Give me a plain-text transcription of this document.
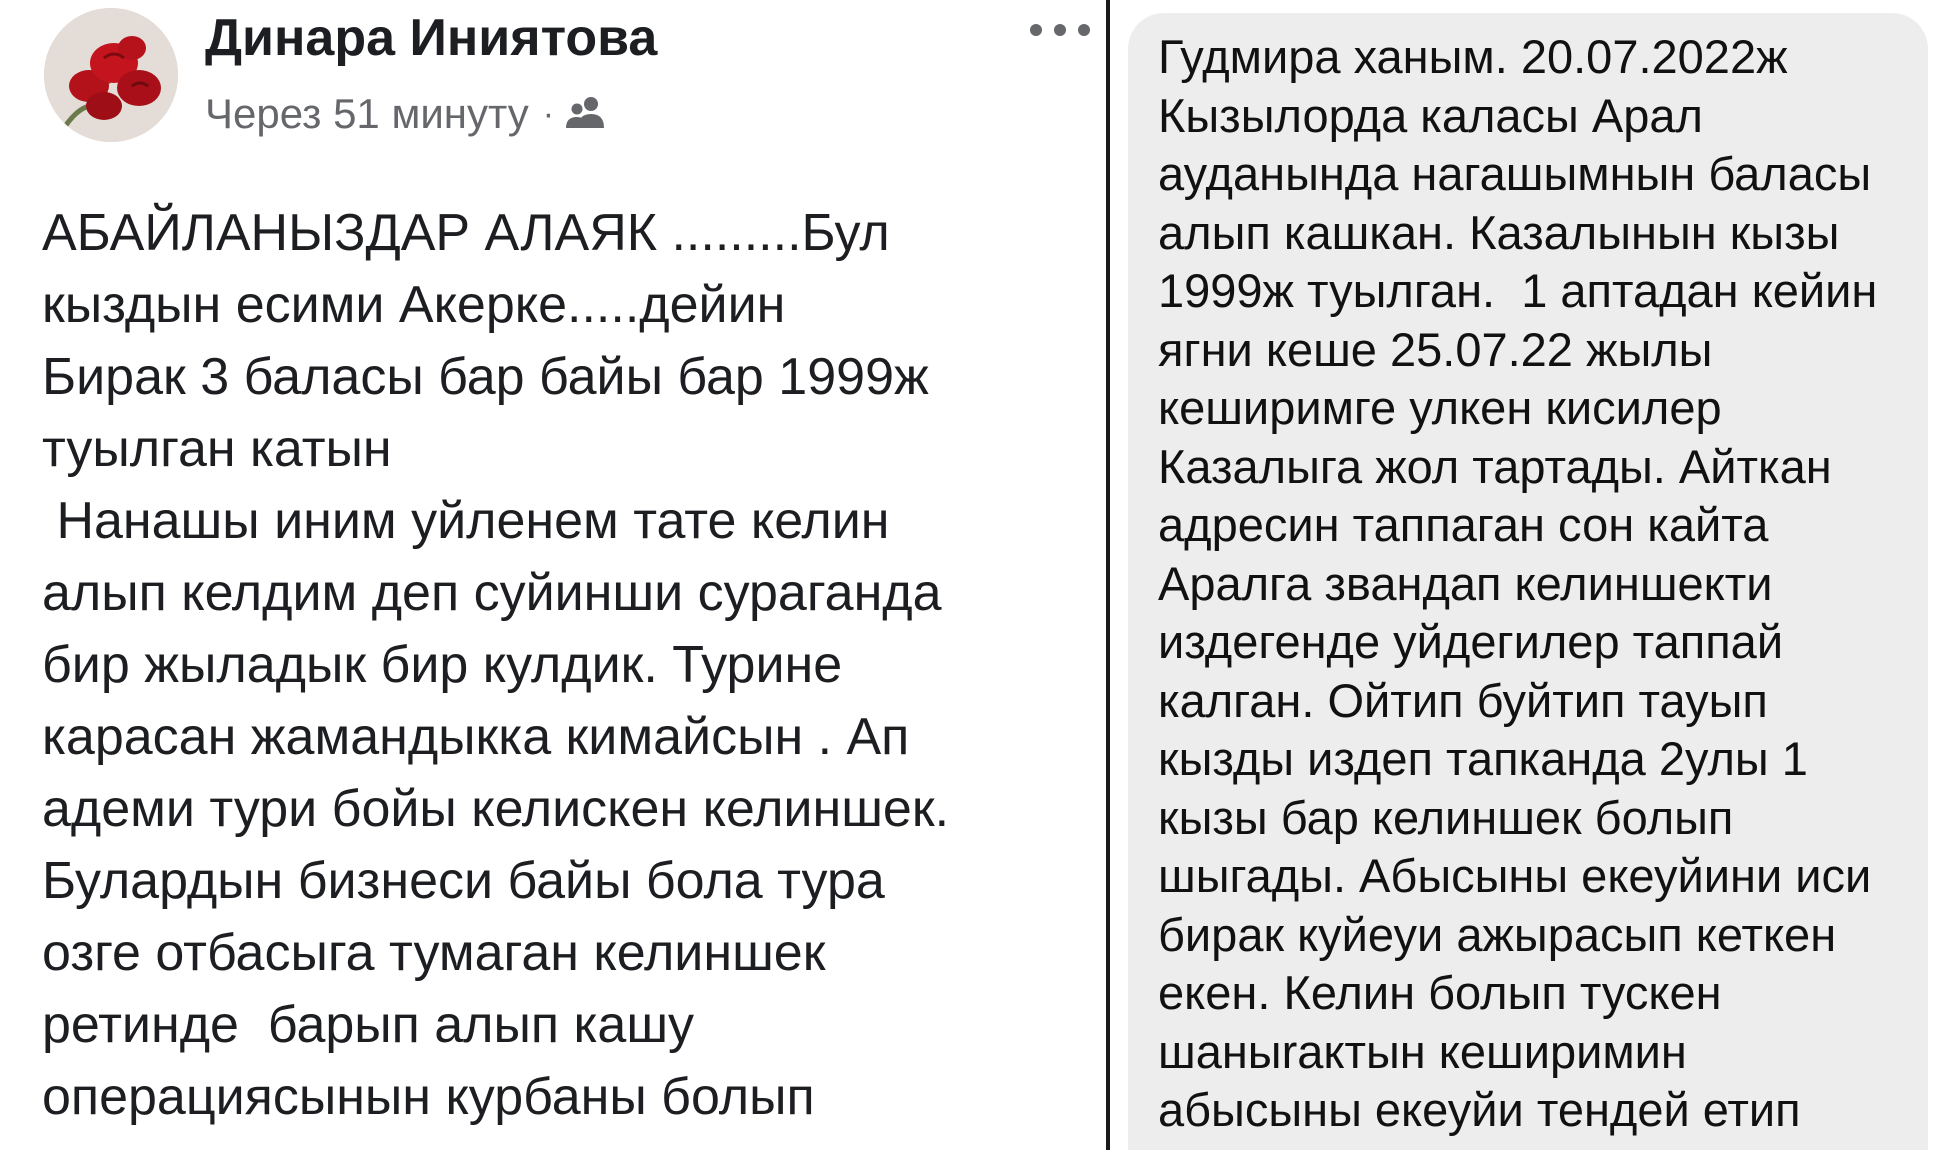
Динара Иниятова
Через 51 минуту ·
АБАЙЛАНЫЗДАР АЛАЯК .........Бул
кыздын есими Акерке.....дейин
Бирак 3 баласы бар байы бар 1999ж
туылган катын
Нанашы иним уйленем тате келин
алып келдим деп суйинши сураганда
бир жыладык бир кулдик. Турине
карасан жамандыкка кимайсын . Ап
адеми тури бойы келискен келиншек.
Булардын бизнеси байы бола тура
озге отбасыга тумаган келиншек
ретинде  барып алып кашу
операциясынын курбаны болып
Гудмира ханым. 20.07.2022ж
Кызылорда каласы Арал
ауданында нагашымнын баласы
алып кашкан. Казалынын кызы
1999ж туылган.  1 аптадан кейин
ягни кеше 25.07.22 жылы
кеширимге улкен кисилер
Казалыга жол тартады. Айткан
адресин таппаган сон кайта
Аралга звандап келиншекти
издегенде уйдегилер таппай
калган. Ойтип буйтип тауып
кызды издеп тапканда 2улы 1
кызы бар келиншек болып
шыгады. Абысыны екеуйини иси
бирак куйеуи ажырасып кеткен
екен. Келин болып тускен
шаныraктын кеширимин
абысыны екеуйи тендей етип
